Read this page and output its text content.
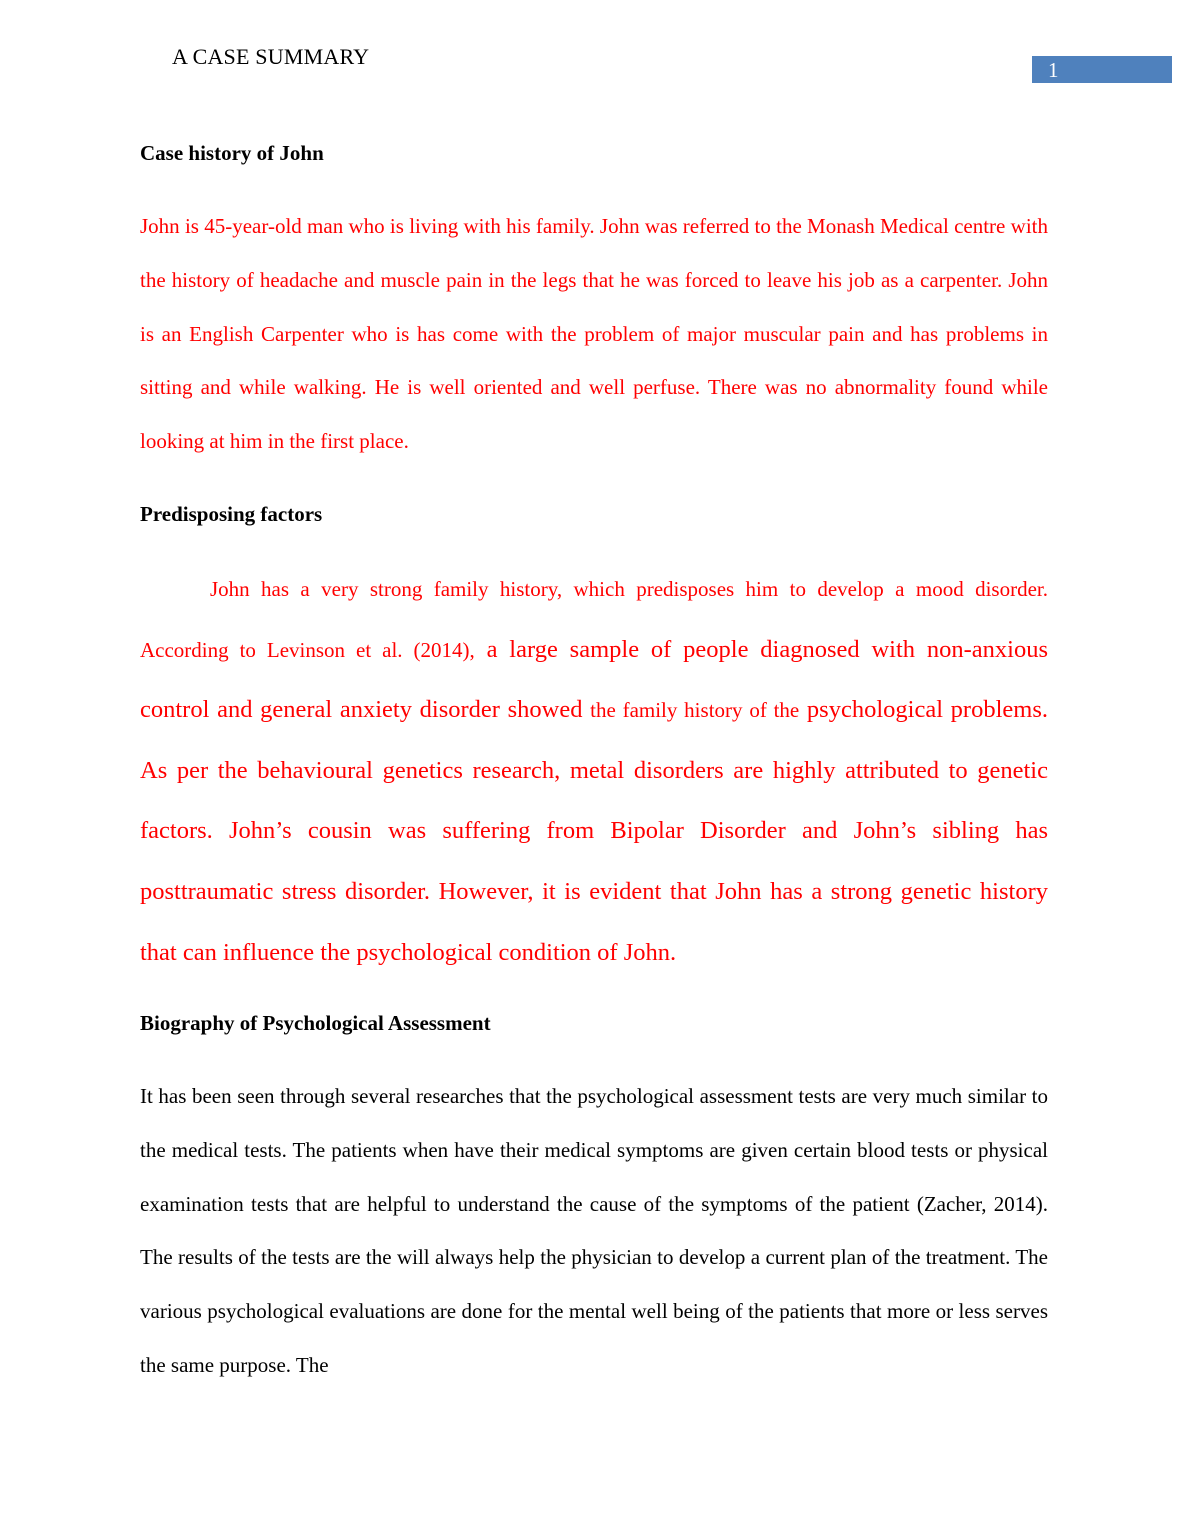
A CASE SUMMARY
1
Case history of John

John is 45-year-old man who is living with his family. John was referred to the Monash Medical centre with the history of headache and muscle pain in the legs that he was forced to leave his job as a carpenter. John is an English Carpenter who is has come with the problem of major muscular pain and has problems in sitting and while walking. He is well oriented and well perfuse. There was no abnormality found while looking at him in the first place.

Predisposing factors

John has a very strong family history, which predisposes him to develop a mood disorder. According to Levinson et al. (2014), a large sample of people diagnosed with non-anxious control and general anxiety disorder showed the family history of the psychological problems. As per the behavioural genetics research, metal disorders are highly attributed to genetic factors. John’s cousin was suffering from Bipolar Disorder and John’s sibling has posttraumatic stress disorder. However, it is evident that John has a strong genetic history that can influence the psychological condition of John.

Biography of Psychological Assessment

It has been seen through several researches that the psychological assessment tests are very much similar to the medical tests. The patients when have their medical symptoms are given certain blood tests or physical examination tests that are helpful to understand the cause of the symptoms of the patient (Zacher, 2014). The results of the tests are the will always help the physician to develop a current plan of the treatment. The various psychological evaluations are done for the mental well being of the patients that more or less serves the same purpose. The
